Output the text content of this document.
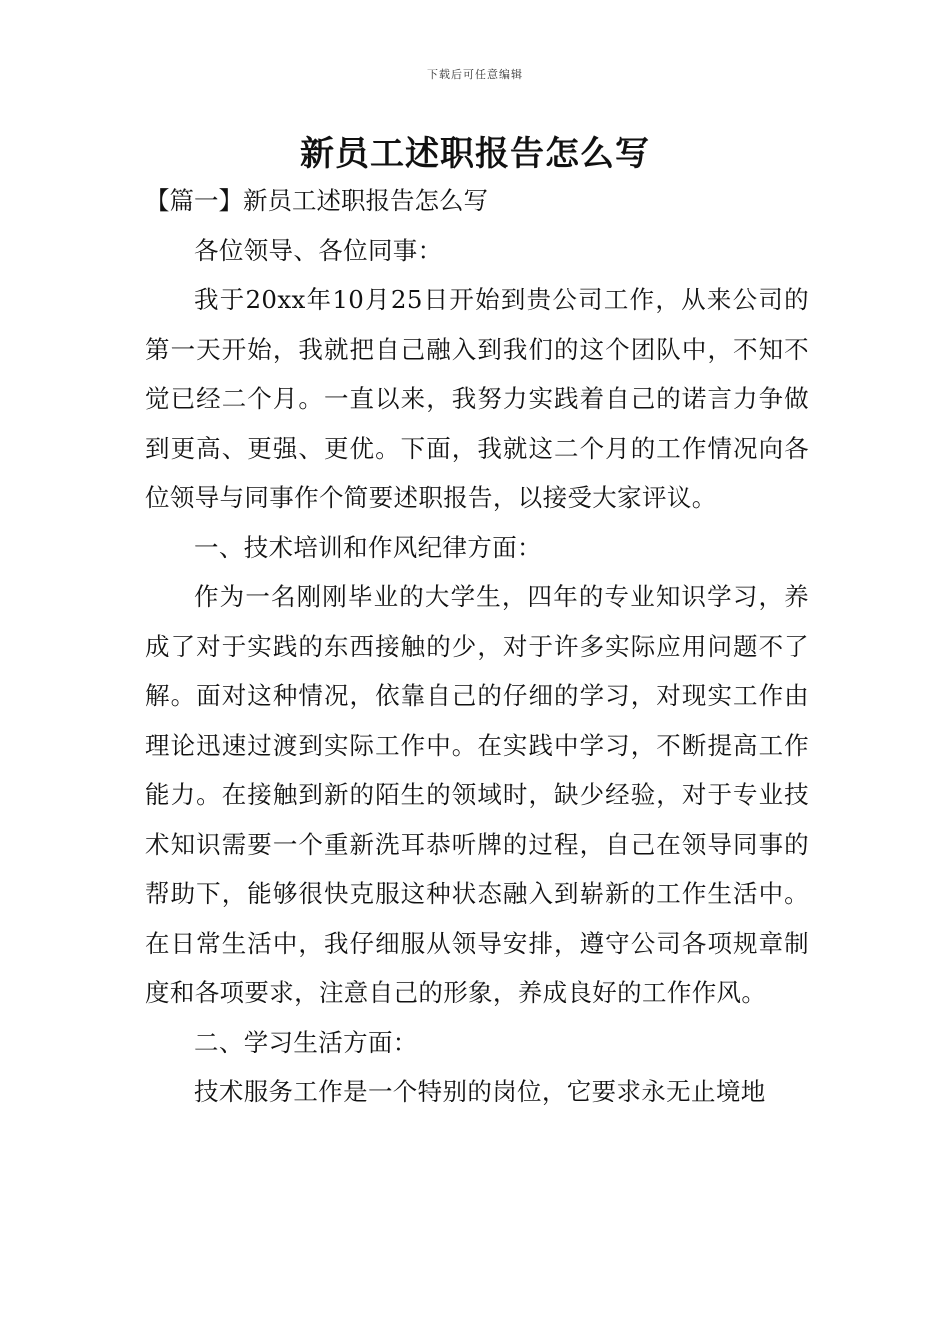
下载后可任意编辑
新员工述职报告怎么写

【篇一】新员工述职报告怎么写

各位领导、各位同事：

我于20xx年10月25日开始到贵公司工作，从来公司的第一天开始，我就把自己融入到我们的这个团队中，不知不觉已经二个月。一直以来，我努力实践着自己的诺言力争做到更高、更强、更优。下面，我就这二个月的工作情况向各位领导与同事作个简要述职报告，以接受大家评议。

一、技术培训和作风纪律方面：

作为一名刚刚毕业的大学生，四年的专业知识学习，养成了对于实践的东西接触的少，对于许多实际应用问题不了解。面对这种情况，依靠自己的仔细的学习，对现实工作由理论迅速过渡到实际工作中。在实践中学习，不断提高工作能力。在接触到新的陌生的领域时，缺少经验，对于专业技术知识需要一个重新洗耳恭听牌的过程，自己在领导同事的帮助下，能够很快克服这种状态融入到崭新的工作生活中。在日常生活中，我仔细服从领导安排，遵守公司各项规章制度和各项要求，注意自己的形象，养成良好的工作作风。

二、学习生活方面：

技术服务工作是一个特别的岗位，它要求永无止境地
